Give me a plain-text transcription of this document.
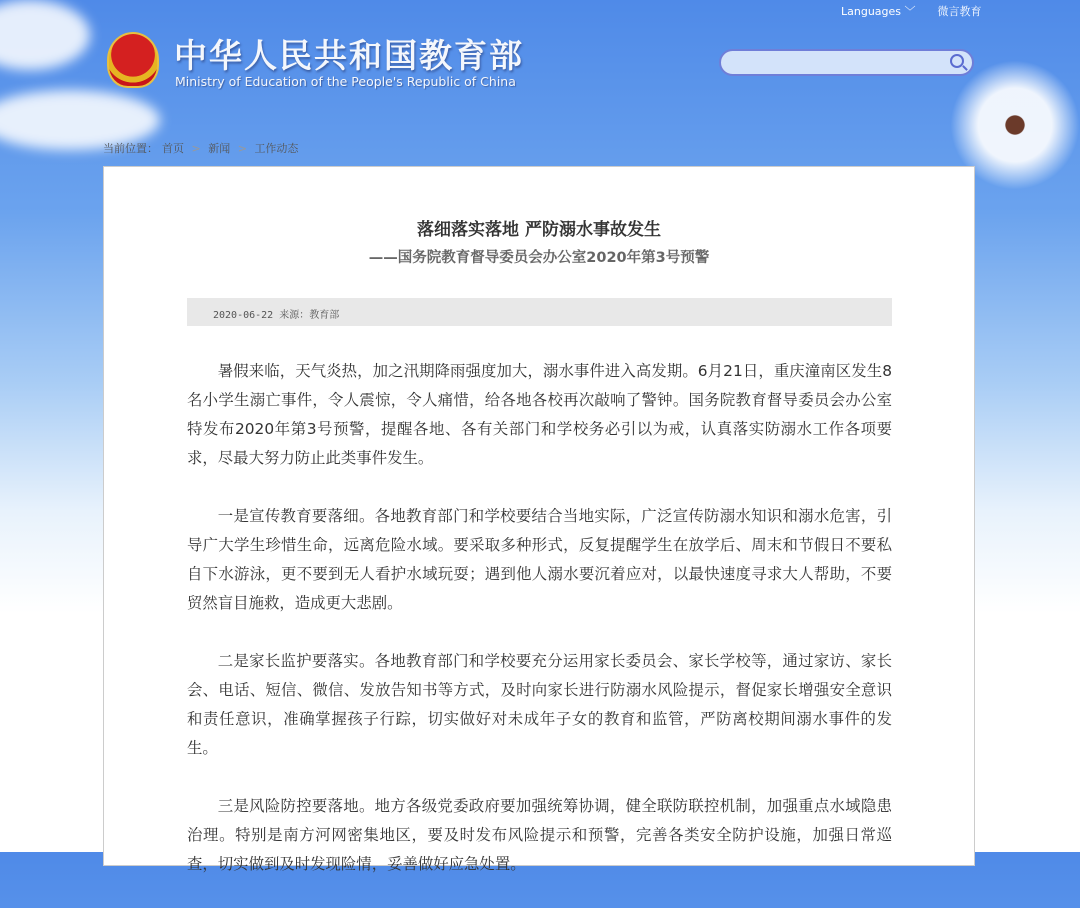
Languages ﹀ 微言教育
中华人民共和国教育部
Ministry of Education of the People's Republic of China
当前位置： 首页 > 新闻 > 工作动态
落细落实落地 严防溺水事故发生
——国务院教育督导委员会办公室2020年第3号预警
2020-06-22 来源：教育部

暑假来临，天气炎热，加之汛期降雨强度加大，溺水事件进入高发期。6月21日，重庆潼南区发生8名小学生溺亡事件，令人震惊，令人痛惜，给各地各校再次敲响了警钟。国务院教育督导委员会办公室特发布2020年第3号预警，提醒各地、各有关部门和学校务必引以为戒，认真落实防溺水工作各项要求，尽最大努力防止此类事件发生。

一是宣传教育要落细。各地教育部门和学校要结合当地实际，广泛宣传防溺水知识和溺水危害，引导广大学生珍惜生命，远离危险水域。要采取多种形式，反复提醒学生在放学后、周末和节假日不要私自下水游泳，更不要到无人看护水域玩耍；遇到他人溺水要沉着应对，以最快速度寻求大人帮助，不要贸然盲目施救，造成更大悲剧。

二是家长监护要落实。各地教育部门和学校要充分运用家长委员会、家长学校等，通过家访、家长会、电话、短信、微信、发放告知书等方式，及时向家长进行防溺水风险提示，督促家长增强安全意识和责任意识，准确掌握孩子行踪，切实做好对未成年子女的教育和监管，严防离校期间溺水事件的发生。

三是风险防控要落地。地方各级党委政府要加强统筹协调，健全联防联控机制，加强重点水域隐患治理。特别是南方河网密集地区，要及时发布风险提示和预警，完善各类安全防护设施，加强日常巡查，切实做到及时发现险情，妥善做好应急处置。
